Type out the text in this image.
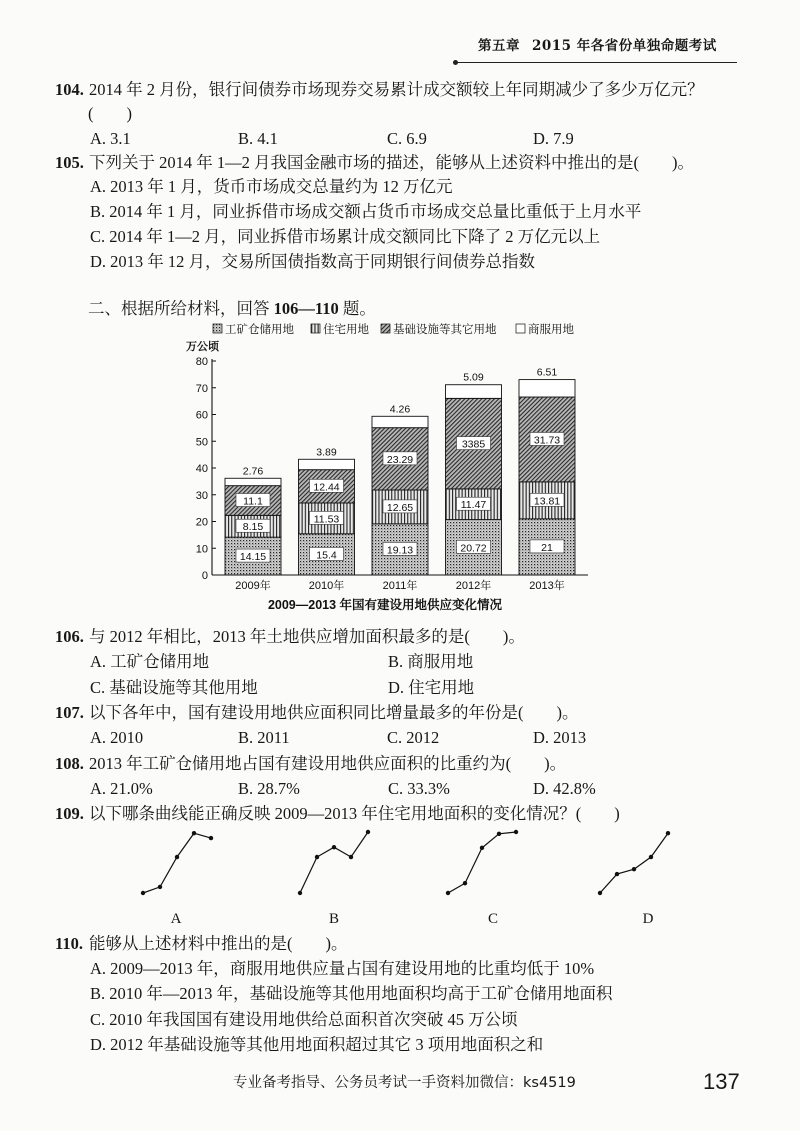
第五章 2015 年各省份单独命题考试
104. 2014 年 2 月份，银行间债券市场现券交易累计成交额较上年同期减少了多少万亿元？
(　　)
A. 3.1	B. 4.1	C. 6.9	D. 7.9
105. 下列关于 2014 年 1—2 月我国金融市场的描述，能够从上述资料中推出的是(　　)。
A. 2013 年 1 月，货币市场成交总量约为 12 万亿元
B. 2014 年 1 月，同业拆借市场成交额占货币市场成交总量比重低于上月水平
C. 2014 年 1—2 月，同业拆借市场累计成交额同比下降了 2 万亿元以上
D. 2013 年 12 月，交易所国债指数高于同期银行间债券总指数
二、根据所给材料，回答 106—110 题。
工矿仓储用地	住宅用地 基础设施等其它用地	商服用地
万公顷
2009—2013 年国有建设用地供应变化情况
0
10
20
30
40
50
60
70
80
2009年	2010年	2011年	2012年	2013年
14.15
8.15
11.1
2.76
15.4
11.53
12.44
3.89
19.13
12.65
23.29
4.26
20.72
11.47
3385
5.09
21
13.81
31.73
6.51
106. 与 2012 年相比，2013 年土地供应增加面积最多的是(　　)。
A. 工矿仓储用地	B. 商服用地
C. 基础设施等其他用地	D. 住宅用地
107. 以下各年中，国有建设用地供应面积同比增量最多的年份是(　　)。
A. 2010	B. 2011	C. 2012	D. 2013
108. 2013 年工矿仓储用地占国有建设用地供应面积的比重约为(　　)。
A. 21.0%	B. 28.7%	C. 33.3%	D. 42.8%
109. 以下哪条曲线能正确反映 2009—2013 年住宅用地面积的变化情况？(　　)
A	B	C	D
110. 能够从上述材料中推出的是(　　)。
A. 2009—2013 年，商服用地供应量占国有建设用地的比重均低于 10%
B. 2010 年—2013 年，基础设施等其他用地面积均高于工矿仓储用地面积
C. 2010 年我国国有建设用地供给总面积首次突破 45 万公顷
D. 2012 年基础设施等其他用地面积超过其它 3 项用地面积之和
专业备考指导、公务员考试一手资料加微信：ks4519	137
